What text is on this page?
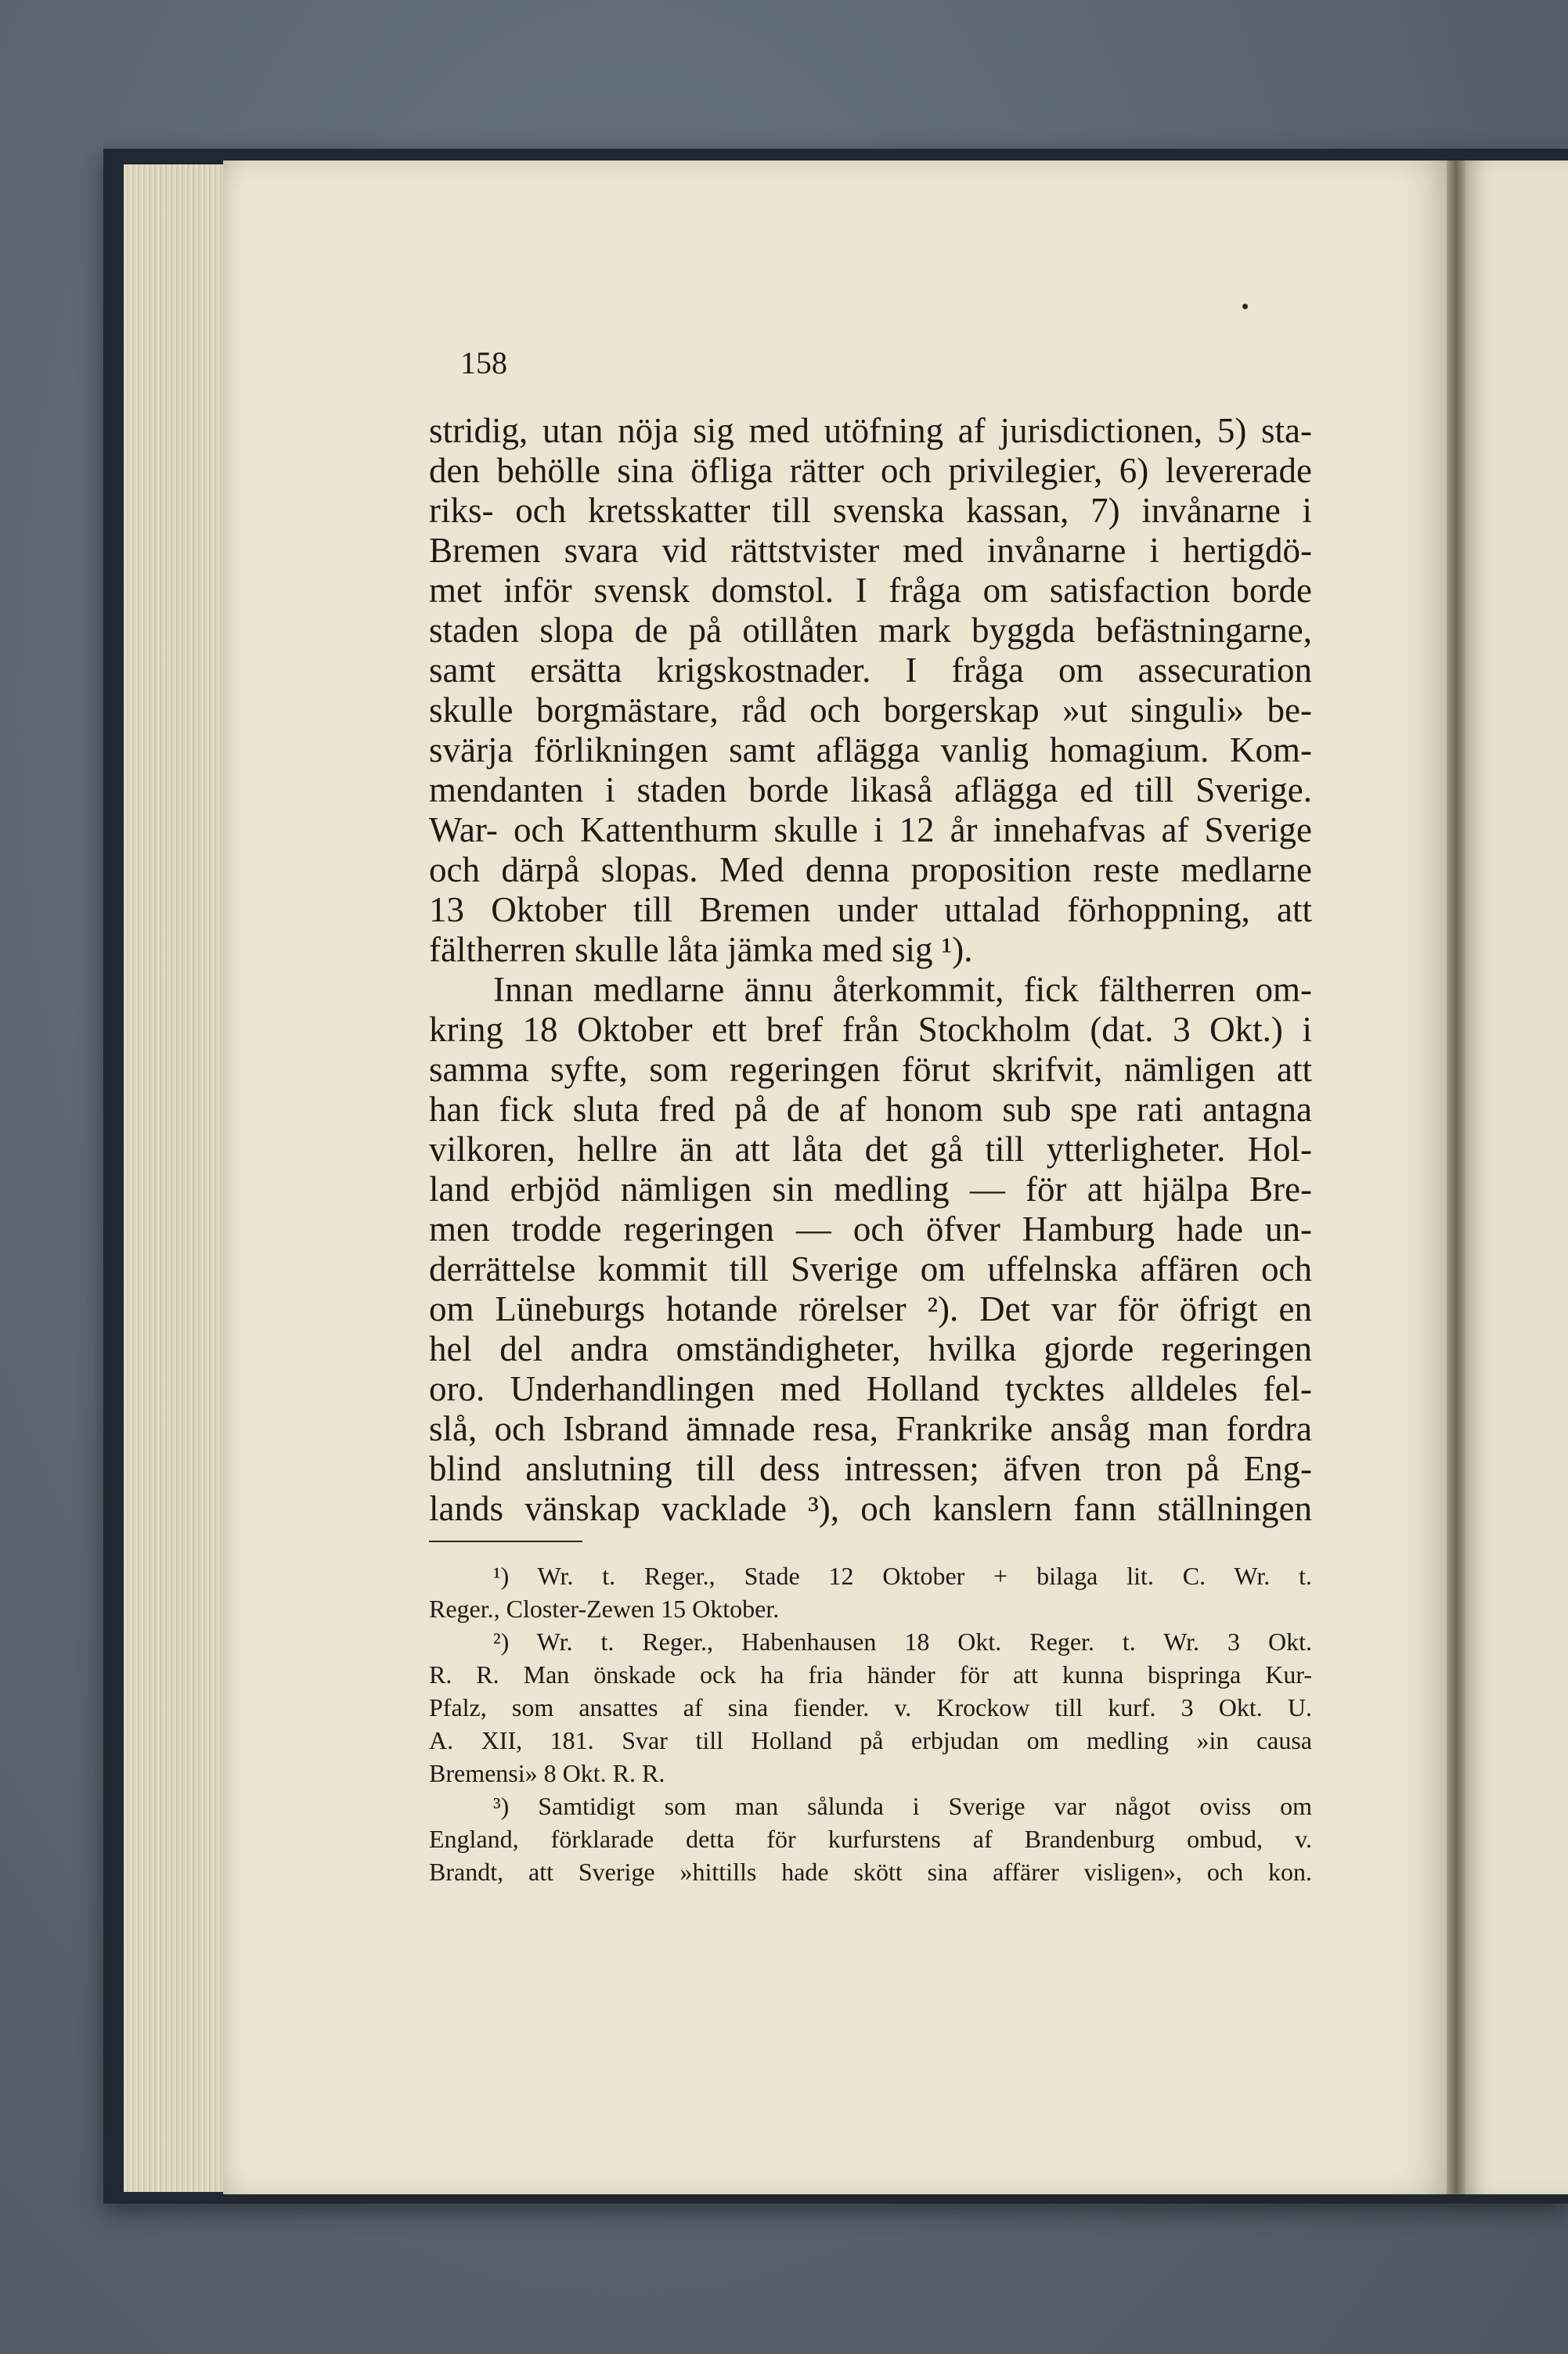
158
stridig, utan nöja sig med utöfning af jurisdictionen, 5) sta-
den behölle sina öfliga rätter och privilegier, 6) levererade
riks- och kretsskatter till svenska kassan, 7) invånarne i
Bremen svara vid rättstvister med invånarne i hertigdö-
met inför svensk domstol. I fråga om satisfaction borde
staden slopa de på otillåten mark byggda befästningarne,
samt ersätta krigskostnader. I fråga om assecuration
skulle borgmästare, råd och borgerskap »ut singuli» be-
svärja förlikningen samt aflägga vanlig homagium. Kom-
mendanten i staden borde likaså aflägga ed till Sverige.
War- och Kattenthurm skulle i 12 år innehafvas af Sverige
och därpå slopas. Med denna proposition reste medlarne
13 Oktober till Bremen under uttalad förhoppning, att
fältherren skulle låta jämka med sig ¹).
Innan medlarne ännu återkommit, fick fältherren om-
kring 18 Oktober ett bref från Stockholm (dat. 3 Okt.) i
samma syfte, som regeringen förut skrifvit, nämligen att
han fick sluta fred på de af honom sub spe rati antagna
vilkoren, hellre än att låta det gå till ytterligheter. Hol-
land erbjöd nämligen sin medling — för att hjälpa Bre-
men trodde regeringen — och öfver Hamburg hade un-
derrättelse kommit till Sverige om uffelnska affären och
om Lüneburgs hotande rörelser ²). Det var för öfrigt en
hel del andra omständigheter, hvilka gjorde regeringen
oro. Underhandlingen med Holland tycktes alldeles fel-
slå, och Isbrand ämnade resa, Frankrike ansåg man fordra
blind anslutning till dess intressen; äfven tron på Eng-
lands vänskap vacklade ³), och kanslern fann ställningen
¹) Wr. t. Reger., Stade 12 Oktober + bilaga lit. C. Wr. t.
Reger., Closter-Zewen 15 Oktober.
²) Wr. t. Reger., Habenhausen 18 Okt. Reger. t. Wr. 3 Okt.
R. R. Man önskade ock ha fria händer för att kunna bispringa Kur-
Pfalz, som ansattes af sina fiender. v. Krockow till kurf. 3 Okt. U.
A. XII, 181. Svar till Holland på erbjudan om medling »in causa
Bremensi» 8 Okt. R. R.
³) Samtidigt som man sålunda i Sverige var något oviss om
England, förklarade detta för kurfurstens af Brandenburg ombud, v.
Brandt, att Sverige »hittills hade skött sina affärer visligen», och kon.
